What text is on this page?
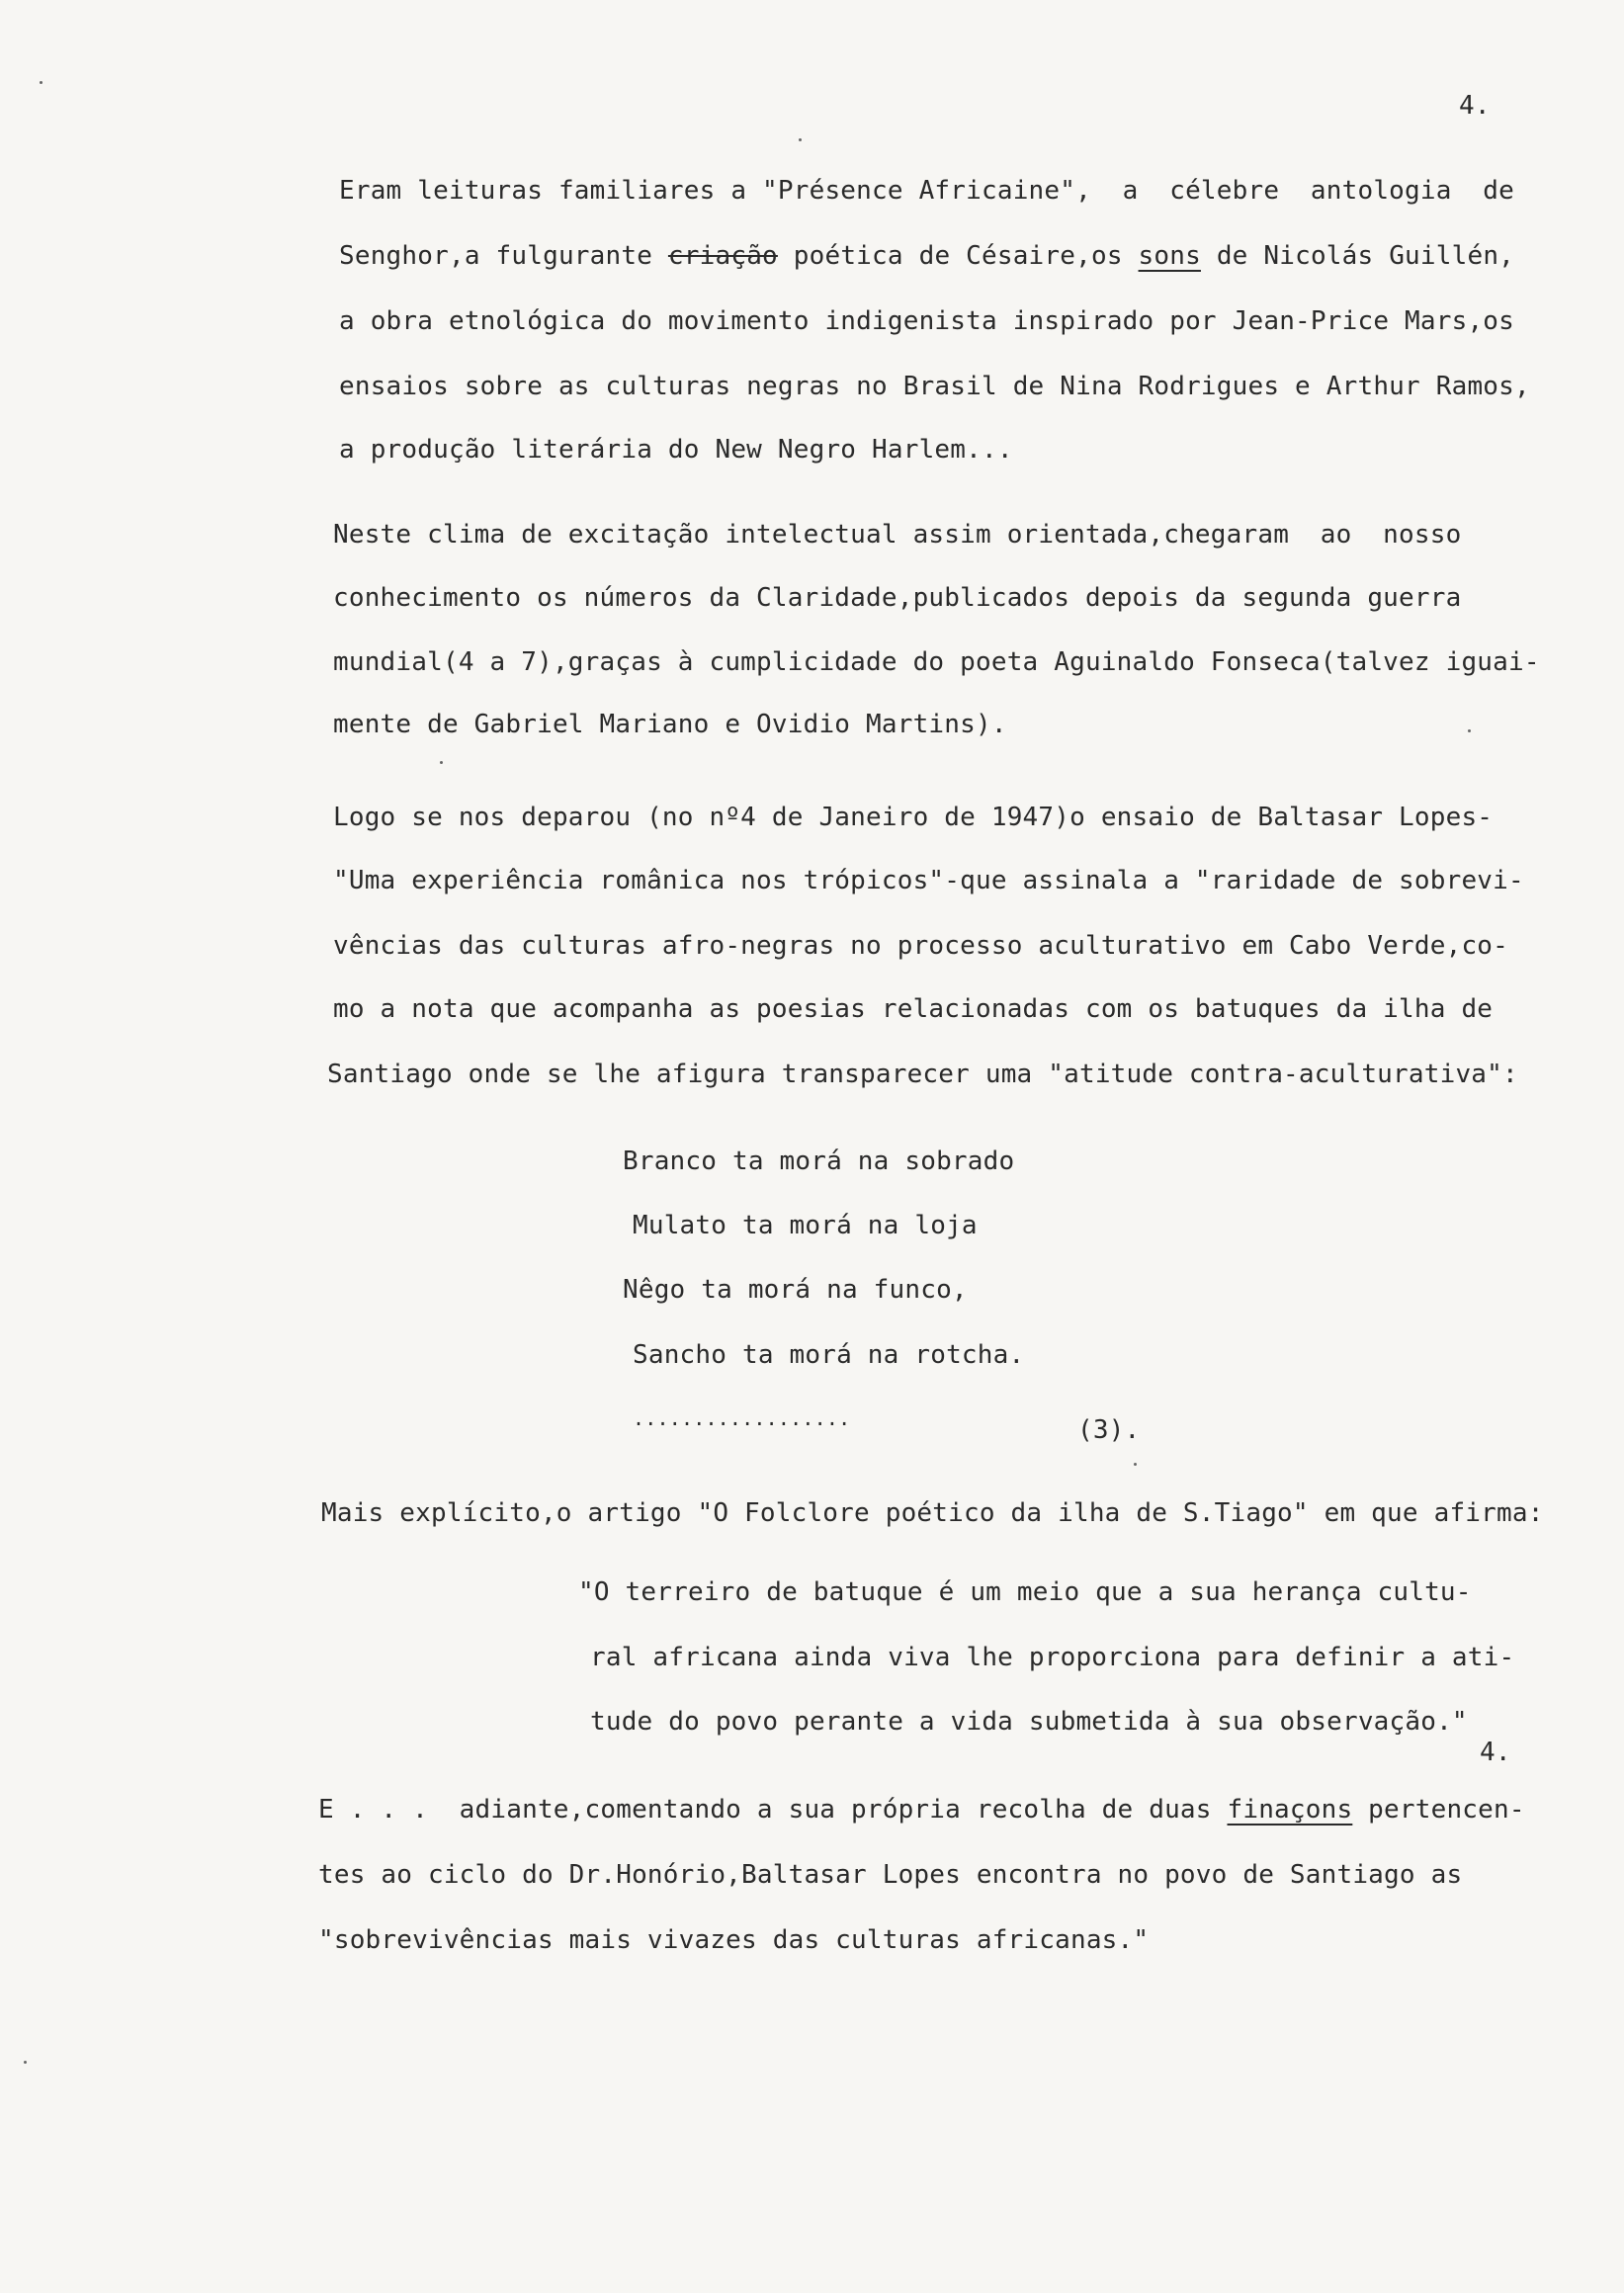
4.
Eram leituras familiares a "Présence Africaine",  a  célebre  antologia  de
Senghor,a fulgurante criação poética de Césaire,os sons de Nicolás Guillén,
a obra etnológica do movimento indigenista inspirado por Jean-Price Mars,os
ensaios sobre as culturas negras no Brasil de Nina Rodrigues e Arthur Ramos,
a produção literária do New Negro Harlem...
Neste clima de excitação intelectual assim orientada,chegaram  ao  nosso
conhecimento os números da Claridade,publicados depois da segunda guerra
mundial(4 a 7),graças à cumplicidade do poeta Aguinaldo Fonseca(talvez iguai-
mente de Gabriel Mariano e Ovidio Martins).
Logo se nos deparou (no nº4 de Janeiro de 1947)o ensaio de Baltasar Lopes-
"Uma experiência românica nos trópicos"-que assinala a "raridade de sobrevi-
vências das culturas afro-negras no processo aculturativo em Cabo Verde,co-
mo a nota que acompanha as poesias relacionadas com os batuques da ilha de
Santiago onde se lhe afigura transparecer uma "atitude contra-aculturativa":
Branco ta morá na sobrado
Mulato ta morá na loja
Nêgo ta morá na funco,
Sancho ta morá na rotcha.
..................	(3).
Mais explícito,o artigo "O Folclore poético da ilha de S.Tiago" em que afirma:
"O terreiro de batuque é um meio que a sua herança cultu-
ral africana ainda viva lhe proporciona para definir a ati-
tude do povo perante a vida submetida à sua observação."
4.
E . . .  adiante,comentando a sua própria recolha de duas finaçons pertencen-
tes ao ciclo do Dr.Honório,Baltasar Lopes encontra no povo de Santiago as
"sobrevivências mais vivazes das culturas africanas."
